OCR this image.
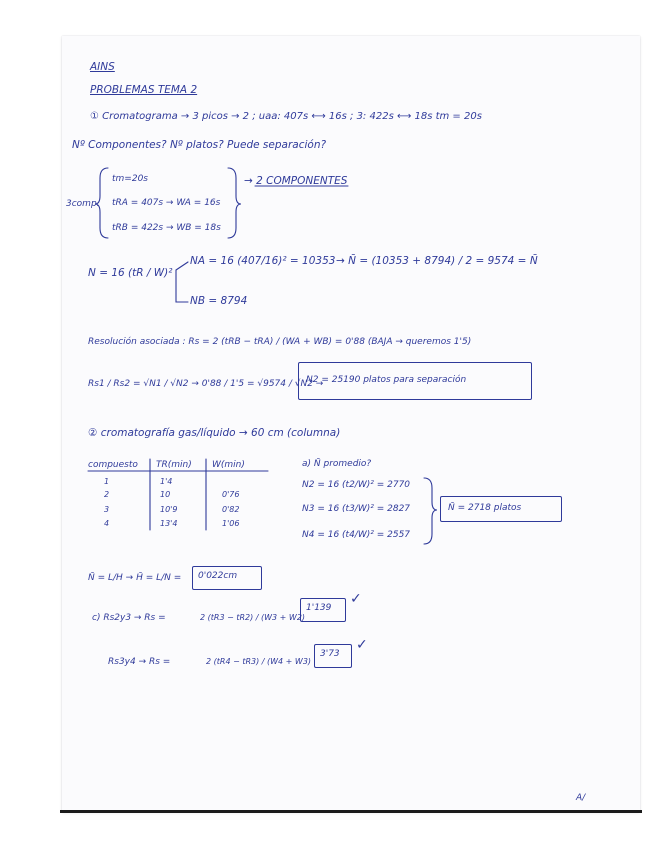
AINS
PROBLEMAS TEMA 2
① Cromatograma → 3 picos → 2 ; uaa: 407s ⟷ 16s ; 3: 422s ⟷ 18s tm = 20s
Nº Componentes? Nº platos? Puede separación?
3comp.
tm=20s
tRA = 407s → WA = 16s
tRB = 422s → WB = 18s
→ 2 COMPONENTES
N = 16 (tR / W)²
NA = 16 (407/16)² = 10353
NB = 8794
→ N̄ = (10353 + 8794) / 2 = 9574 = N̄
Resolución asociada : Rs = 2 (tRB − tRA) / (WA + WB) = 0'88 (BAJA → queremos 1'5)
Rs1 / Rs2 = √N1 / √N2 → 0'88 / 1'5 = √9574 / √N2 →
N2 = 25190 platos para separación
② cromatografía gas/líquido → 60 cm (columna)
compuesto TR(min) W(min)
1	1'4
2	10	0'76
3	10'9	0'82
4	13'4	1'06
a) N̄ promedio?
N2 = 16 (t2/W)² = 2770
N3 = 16 (t3/W)² = 2827
N4 = 16 (t4/W)² = 2557
N̄ = 2718 platos
N̄ = L/H → H̄ = L/N = 0'022cm
c) Rs2y3 → Rs =	2 (tR3 − tR2) / (W3 + W2)
1'139
✓
Rs3y4 → Rs =	2 (tR4 − tR3) / (W4 + W3)
3'73
✓
A/
